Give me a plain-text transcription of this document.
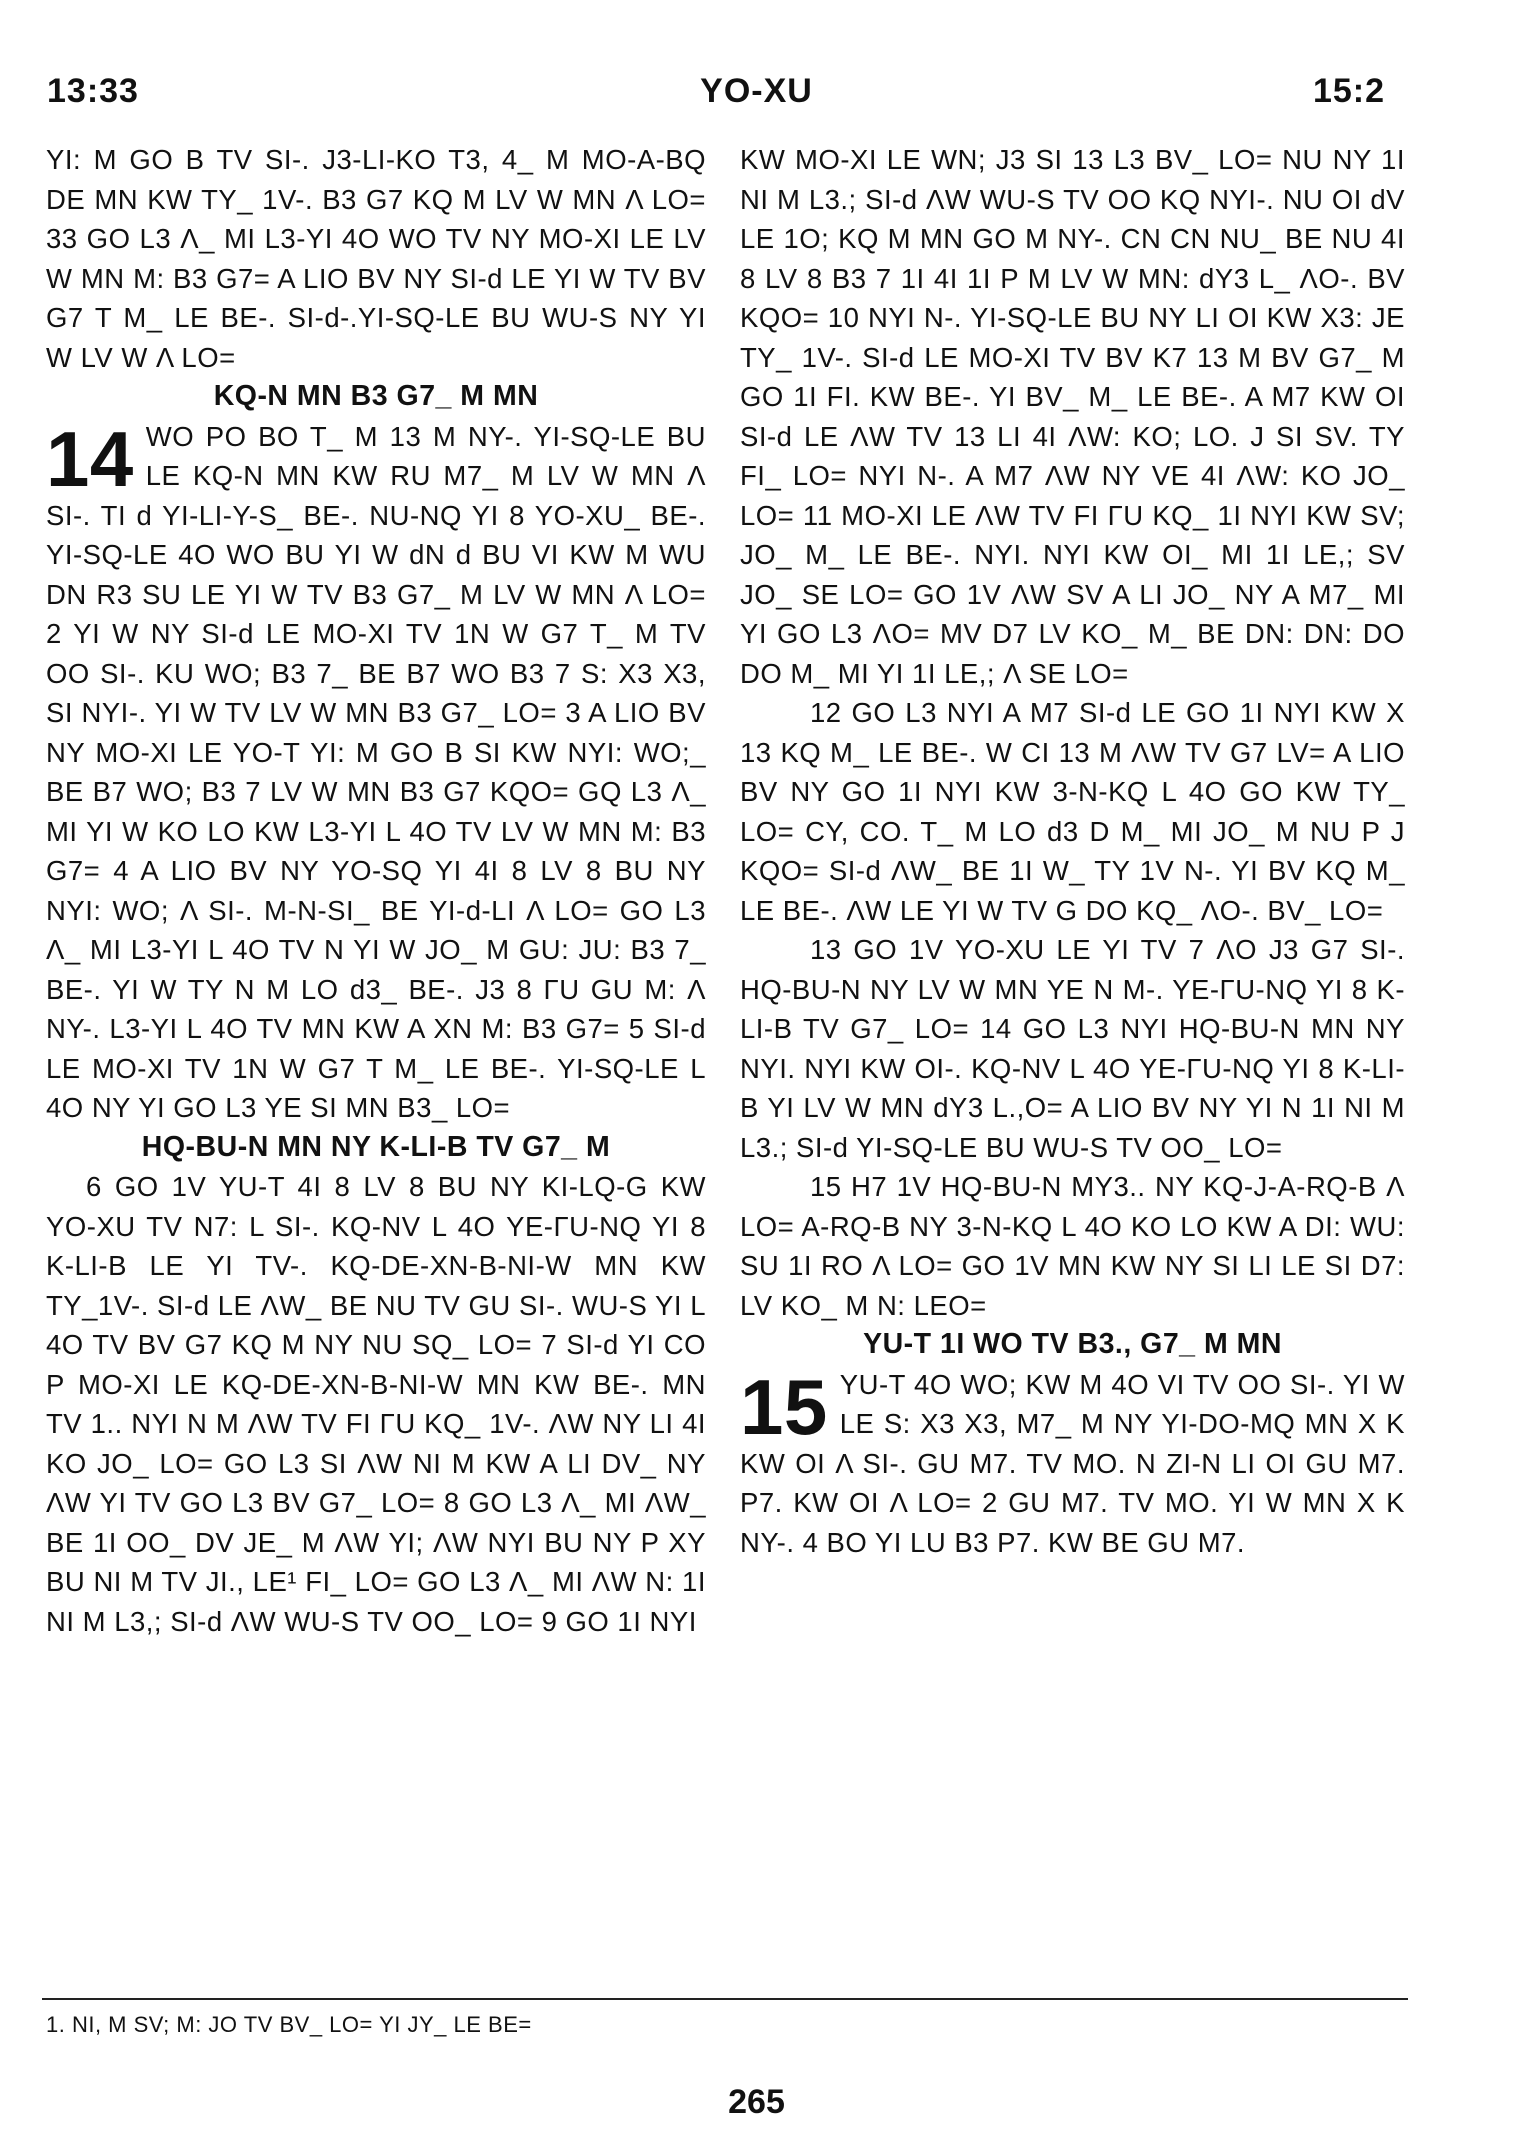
13:33	YO-XU	15:2

YI: M GO B TV SI-. J3-LI-KO T3, 4_ M MO-A-BQ DE MN KW TY_ 1V-. B3 G7 KQ M LV W MN Λ LO= 33 GO L3 Λ_ MI L3-YI 4O WO TV NY MO-XI LE LV W MN M: B3 G7= A LIO BV NY SI-d LE YI W TV BV G7 T M_ LE BE-. SI-d-.YI-SQ-LE BU WU-S NY YI W LV W Λ LO=

KQ-N MN B3 G7_ M MN

14 WO PO BO T_ M 13 M NY-. YI-SQ-LE BU LE KQ-N MN KW RU M7_ M LV W MN Λ SI-. TI d YI-LI-Y-S_ BE-. NU-NQ YI 8 YO-XU_ BE-. YI-SQ-LE 4O WO BU YI W dN d BU VI KW M WU DN R3 SU LE YI W TV B3 G7_ M LV W MN Λ LO= 2 YI W NY SI-d LE MO-XI TV 1N W G7 T_ M TV OO SI-. KU WO; B3 7_ BE B7 WO B3 7 S: X3 X3, SI NYI-. YI W TV LV W MN B3 G7_ LO= 3 A LIO BV NY MO-XI LE YO-T YI: M GO B SI KW NYI: WO;_ BE B7 WO; B3 7 LV W MN B3 G7 KQO= GQ L3 Λ_ MI YI W KO LO KW L3-YI L 4O TV LV W MN M: B3 G7= 4 A LIO BV NY YO-SQ YI 4I 8 LV 8 BU NY NYI: WO; Λ SI-. M-N-SI_ BE YI-d-LI Λ LO= GO L3 Λ_ MI L3-YI L 4O TV N YI W JO_ M GU: JU: B3 7_ BE-. YI W TY N M LO d3_ BE-. J3 8 ΓU GU M: Λ NY-. L3-YI L 4O TV MN KW A XN M: B3 G7= 5 SI-d LE MO-XI TV 1N W G7 T M_ LE BE-. YI-SQ-LE L 4O NY YI GO L3 YE SI MN B3_ LO=

HQ-BU-N MN NY K-LI-B TV G7_ M

6 GO 1V YU-T 4I 8 LV 8 BU NY KI-LQ-G KW YO-XU TV N7: L SI-. KQ-NV L 4O YE-ΓU-NQ YI 8 K-LI-B LE YI TV-. KQ-DE-XN-B-NI-W MN KW TY_1V-. SI-d LE ΛW_ BE NU TV GU SI-. WU-S YI L 4O TV BV G7 KQ M NY NU SQ_ LO= 7 SI-d YI CO P MO-XI LE KQ-DE-XN-B-NI-W MN KW BE-. MN TV 1.. NYI N M ΛW TV FI ΓU KQ_ 1V-. ΛW NY LI 4I KO JO_ LO= GO L3 SI ΛW NI M KW A LI DV_ NY ΛW YI TV GO L3 BV G7_ LO= 8 GO L3 Λ_ MI ΛW_ BE 1I OO_ DV JE_ M ΛW YI; ΛW NYI BU NY P XY BU NI M TV JI., LE¹ FI_ LO= GO L3 Λ_ MI ΛW N: 1I NI M L3,; SI-d ΛW WU-S TV OO_ LO= 9 GO 1I NYI

KW MO-XI LE WN; J3 SI 13 L3 BV_ LO= NU NY 1I NI M L3.; SI-d ΛW WU-S TV OO KQ NYI-. NU OI dV LE 1O; KQ M MN GO M NY-. CN CN NU_ BE NU 4I 8 LV 8 B3 7 1I 4I 1I P M LV W MN: dY3 L_ ΛO-. BV KQO= 10 NYI N-. YI-SQ-LE BU NY LI OI KW X3: JE TY_ 1V-. SI-d LE MO-XI TV BV K7 13 M BV G7_ M GO 1I FI. KW BE-. YI BV_ M_ LE BE-. A M7 KW OI SI-d LE ΛW TV 13 LI 4I ΛW: KO; LO. J SI SV. TY FI_ LO= NYI N-. A M7 ΛW NY VE 4I ΛW: KO JO_ LO= 11 MO-XI LE ΛW TV FI ΓU KQ_ 1I NYI KW SV; JO_ M_ LE BE-. NYI. NYI KW OI_ MI 1I LE,; SV JO_ SE LO= GO 1V ΛW SV A LI JO_ NY A M7_ MI YI GO L3 ΛO= MV D7 LV KO_ M_ BE DN: DN: DO DO M_ MI YI 1I LE,; Λ SE LO=

12 GO L3 NYI A M7 SI-d LE GO 1I NYI KW X 13 KQ M_ LE BE-. W CI 13 M ΛW TV G7 LV= A LIO BV NY GO 1I NYI KW 3-N-KQ L 4O GO KW TY_ LO= CY, CO. T_ M LO d3 D M_ MI JO_ M NU P J KQO= SI-d ΛW_ BE 1I W_ TY 1V N-. YI BV KQ M_ LE BE-. ΛW LE YI W TV G DO KQ_ ΛO-. BV_ LO=

13 GO 1V YO-XU LE YI TV 7 ΛO J3 G7 SI-. HQ-BU-N NY LV W MN YE N M-. YE-ΓU-NQ YI 8 K-LI-B TV G7_ LO= 14 GO L3 NYI HQ-BU-N MN NY NYI. NYI KW OI-. KQ-NV L 4O YE-ΓU-NQ YI 8 K-LI-B YI LV W MN dY3 L.,O= A LIO BV NY YI N 1I NI M L3.; SI-d YI-SQ-LE BU WU-S TV OO_ LO=

15 H7 1V HQ-BU-N MY3.. NY KQ-J-A-RQ-B Λ LO= A-RQ-B NY 3-N-KQ L 4O KO LO KW A DI: WU: SU 1I RO Λ LO= GO 1V MN KW NY SI LI LE SI D7: LV KO_ M N: LEO=

YU-T 1I WO TV B3., G7_ M MN

15 YU-T 4O WO; KW M 4O VI TV OO SI-. YI W LE S: X3 X3, M7_ M NY YI-DO-MQ MN X K KW OI Λ SI-. GU M7. TV MO. N ZI-N LI OI GU M7. P7. KW OI Λ LO= 2 GU M7. TV MO. YI W MN X K NY-. 4 BO YI LU B3 P7. KW BE GU M7.

1. NI, M SV; M: JO TV BV_ LO= YI JY_ LE BE=
265
